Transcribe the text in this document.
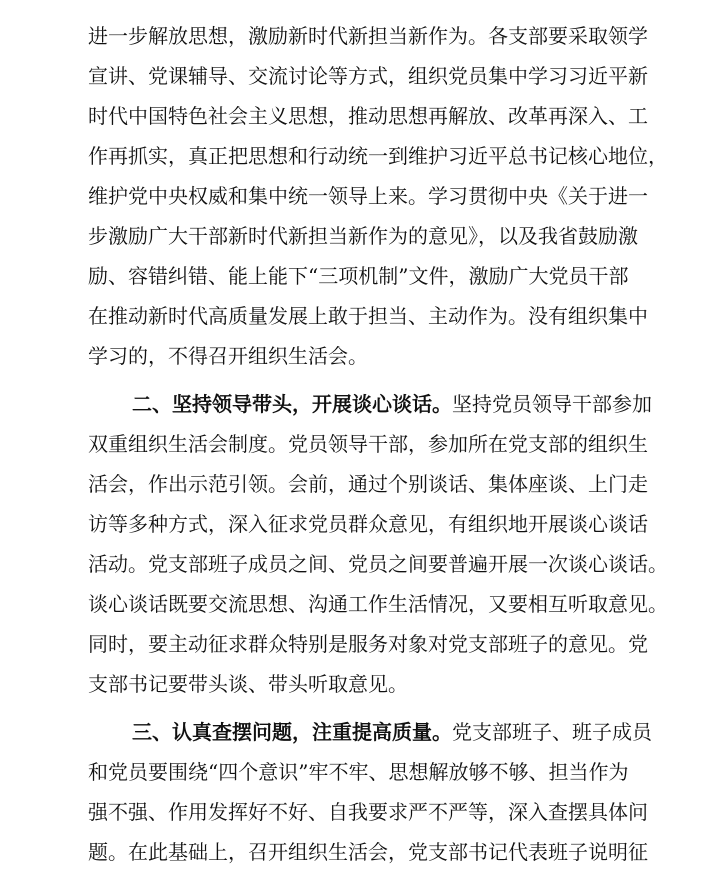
进一步解放思想，激励新时代新担当新作为。各支部要采取领学
宣讲、党课辅导、交流讨论等方式，组织党员集中学习习近平新
时代中国特色社会主义思想，推动思想再解放、改革再深入、工
作再抓实，真正把思想和行动统一到维护习近平总书记核心地位，
维护党中央权威和集中统一领导上来。学习贯彻中央《关于进一
步激励广大干部新时代新担当新作为的意见》，以及我省鼓励激
励、容错纠错、能上能下“三项机制”文件，激励广大党员干部
在推动新时代高质量发展上敢于担当、主动作为。没有组织集中
学习的，不得召开组织生活会。
二、坚持领导带头，开展谈心谈话。坚持党员领导干部参加
双重组织生活会制度。党员领导干部，参加所在党支部的组织生
活会，作出示范引领。会前，通过个别谈话、集体座谈、上门走
访等多种方式，深入征求党员群众意见，有组织地开展谈心谈话
活动。党支部班子成员之间、党员之间要普遍开展一次谈心谈话。
谈心谈话既要交流思想、沟通工作生活情况，又要相互听取意见。
同时，要主动征求群众特别是服务对象对党支部班子的意见。党
支部书记要带头谈、带头听取意见。
三、认真查摆问题，注重提高质量。党支部班子、班子成员
和党员要围绕“四个意识”牢不牢、思想解放够不够、担当作为
强不强、作用发挥好不好、自我要求严不严等，深入查摆具体问
题。在此基础上，召开组织生活会，党支部书记代表班子说明征
